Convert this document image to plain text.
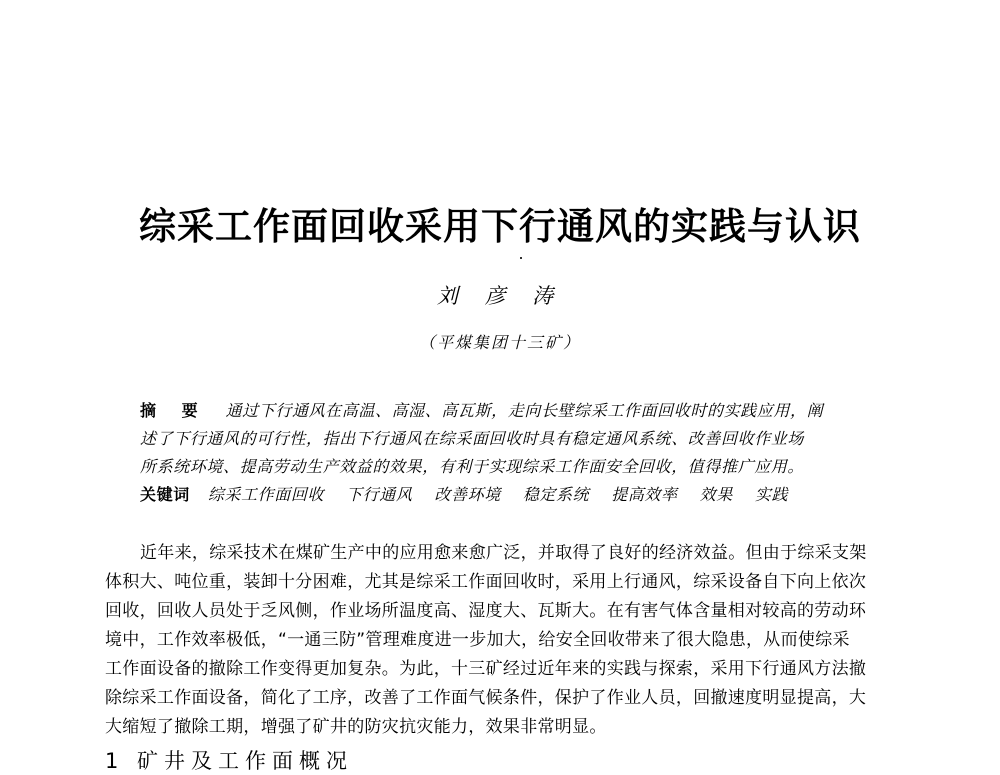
综采工作面回收采用下行通风的实践与认识
刘 彦 涛
（平煤集团十三矿）
摘 要 通过下行通风在高温、高湿、高瓦斯，走向长壁综采工作面回收时的实践应用，阐
述了下行通风的可行性，指出下行通风在综采面回收时具有稳定通风系统、改善回收作业场
所系统环境、提高劳动生产效益的效果，有利于实现综采工作面安全回收，值得推广应用。
关键词 综采工作面回收 下行通风 改善环境 稳定系统 提高效率 效果 实践
近年来，综采技术在煤矿生产中的应用愈来愈广泛，并取得了良好的经济效益。但由于综采支架
体积大、吨位重，装卸十分困难，尤其是综采工作面回收时，采用上行通风，综采设备自下向上依次
回收，回收人员处于乏风侧，作业场所温度高、湿度大、瓦斯大。在有害气体含量相对较高的劳动环
境中，工作效率极低，“一通三防”管理难度进一步加大，给安全回收带来了很大隐患，从而使综采
工作面设备的撤除工作变得更加复杂。为此，十三矿经过近年来的实践与探索，采用下行通风方法撤
除综采工作面设备，简化了工序，改善了工作面气候条件，保护了作业人员，回撤速度明显提高，大
大缩短了撤除工期，增强了矿井的防灾抗灾能力，效果非常明显。
1 矿井及工作面概况
